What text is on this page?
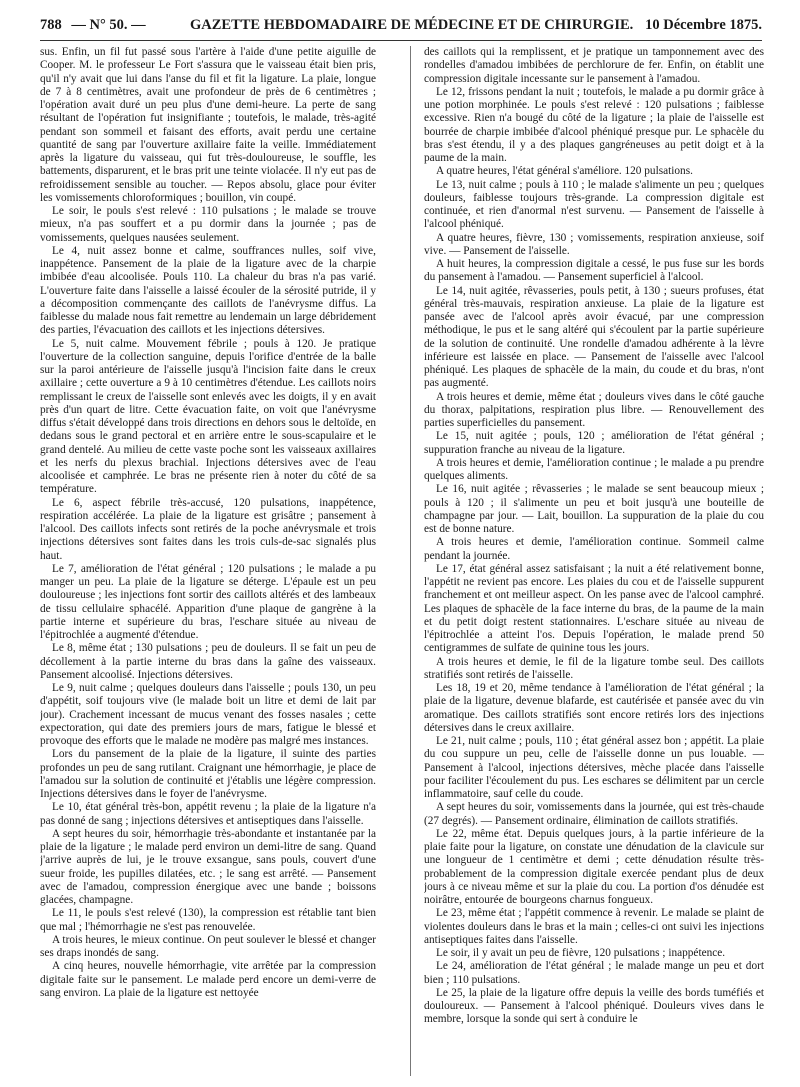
788 — N° 50. —	GAZETTE HEBDOMADAIRE DE MÉDECINE ET DE CHIRURGIE. 10 Décembre 1875.

sus. Enfin, un fil fut passé sous l'artère à l'aide d'une petite aiguille de Cooper. M. le professeur Le Fort s'assura que le vaisseau était bien pris, qu'il n'y avait que lui dans l'anse du fil et fit la ligature. La plaie, longue de 7 à 8 centimètres, avait une profondeur de près de 6 centimètres ; l'opération avait duré un peu plus d'une demi-heure. La perte de sang résultant de l'opération fut insignifiante ; toutefois, le malade, très-agité pendant son sommeil et faisant des efforts, avait perdu une certaine quantité de sang par l'ouverture axillaire faite la veille. Immédiatement après la ligature du vaisseau, qui fut très-douloureuse, le souffle, les battements, disparurent, et le bras prit une teinte violacée. Il n'y eut pas de refroidissement sensible au toucher. — Repos absolu, glace pour éviter les vomissements chloroformiques ; bouillon, vin coupé.

Le soir, le pouls s'est relevé : 110 pulsations ; le malade se trouve mieux, n'a pas souffert et a pu dormir dans la journée ; pas de vomissements, quelques nausées seulement.

Le 4, nuit assez bonne et calme, souffrances nulles, soif vive, inappétence. Pansement de la plaie de la ligature avec de la charpie imbibée d'eau alcoolisée. Pouls 110. La chaleur du bras n'a pas varié. L'ouverture faite dans l'aisselle a laissé écouler de la sérosité putride, il y a décomposition commençante des caillots de l'anévrysme diffus. La faiblesse du malade nous fait remettre au lendemain un large débridement des parties, l'évacuation des caillots et les injections détersives.

Le 5, nuit calme. Mouvement fébrile ; pouls à 120. Je pratique l'ouverture de la collection sanguine, depuis l'orifice d'entrée de la balle sur la paroi antérieure de l'aisselle jusqu'à l'incision faite dans le creux axillaire ; cette ouverture a 9 à 10 centimètres d'étendue. Les caillots noirs remplissant le creux de l'aisselle sont enlevés avec les doigts, il y en avait près d'un quart de litre. Cette évacuation faite, on voit que l'anévrysme diffus s'était développé dans trois directions en dehors sous le deltoïde, en dedans sous le grand pectoral et en arrière entre le sous-scapulaire et le grand dentelé. Au milieu de cette vaste poche sont les vaisseaux axillaires et les nerfs du plexus brachial. Injections détersives avec de l'eau alcoolisée et camphrée. Le bras ne présente rien à noter du côté de sa température.

Le 6, aspect fébrile très-accusé, 120 pulsations, inappétence, respiration accélérée. La plaie de la ligature est grisâtre ; pansement à l'alcool. Des caillots infects sont retirés de la poche anévrysmale et trois injections détersives sont faites dans les trois culs-de-sac signalés plus haut.

Le 7, amélioration de l'état général ; 120 pulsations ; le malade a pu manger un peu. La plaie de la ligature se déterge. L'épaule est un peu douloureuse ; les injections font sortir des caillots altérés et des lambeaux de tissu cellulaire sphacélé. Apparition d'une plaque de gangrène à la partie interne et supérieure du bras, l'eschare située au niveau de l'épitrochlée a augmenté d'étendue.

Le 8, même état ; 130 pulsations ; peu de douleurs. Il se fait un peu de décollement à la partie interne du bras dans la gaîne des vaisseaux. Pansement alcoolisé. Injections détersives.

Le 9, nuit calme ; quelques douleurs dans l'aisselle ; pouls 130, un peu d'appétit, soif toujours vive (le malade boit un litre et demi de lait par jour). Crachement incessant de mucus venant des fosses nasales ; cette expectoration, qui date des premiers jours de mars, fatigue le blessé et provoque des efforts que le malade ne modère pas malgré mes instances.

Lors du pansement de la plaie de la ligature, il suinte des parties profondes un peu de sang rutilant. Craignant une hémorrhagie, je place de l'amadou sur la solution de continuité et j'établis une légère compression. Injections détersives dans le foyer de l'anévrysme.

Le 10, état général très-bon, appétit revenu ; la plaie de la ligature n'a pas donné de sang ; injections détersives et antiseptiques dans l'aisselle.

A sept heures du soir, hémorrhagie très-abondante et instantanée par la plaie de la ligature ; le malade perd environ un demi-litre de sang. Quand j'arrive auprès de lui, je le trouve exsangue, sans pouls, couvert d'une sueur froide, les pupilles dilatées, etc. ; le sang est arrêté. — Pansement avec de l'amadou, compression énergique avec une bande ; boissons glacées, champagne.

Le 11, le pouls s'est relevé (130), la compression est rétablie tant bien que mal ; l'hémorrhagie ne s'est pas renouvelée.

A trois heures, le mieux continue. On peut soulever le blessé et changer ses draps inondés de sang.

A cinq heures, nouvelle hémorrhagie, vite arrêtée par la compression digitale faite sur le pansement. Le malade perd encore un demi-verre de sang environ. La plaie de la ligature est nettoyée

des caillots qui la remplissent, et je pratique un tamponnement avec des rondelles d'amadou imbibées de perchlorure de fer. Enfin, on établit une compression digitale incessante sur le pansement à l'amadou.

Le 12, frissons pendant la nuit ; toutefois, le malade a pu dormir grâce à une potion morphinée. Le pouls s'est relevé : 120 pulsations ; faiblesse excessive. Rien n'a bougé du côté de la ligature ; la plaie de l'aisselle est bourrée de charpie imbibée d'alcool phéniqué presque pur. Le sphacèle du bras s'est étendu, il y a des plaques gangréneuses au petit doigt et à la paume de la main.

A quatre heures, l'état général s'améliore. 120 pulsations.

Le 13, nuit calme ; pouls à 110 ; le malade s'alimente un peu ; quelques douleurs, faiblesse toujours très-grande. La compression digitale est continuée, et rien d'anormal n'est survenu. — Pansement de l'aisselle à l'alcool phéniqué.

A quatre heures, fièvre, 130 ; vomissements, respiration anxieuse, soif vive. — Pansement de l'aisselle.

A huit heures, la compression digitale a cessé, le pus fuse sur les bords du pansement à l'amadou. — Pansement superficiel à l'alcool.

Le 14, nuit agitée, rêvasseries, pouls petit, à 130 ; sueurs profuses, état général très-mauvais, respiration anxieuse. La plaie de la ligature est pansée avec de l'alcool après avoir évacué, par une compression méthodique, le pus et le sang altéré qui s'écoulent par la partie supérieure de la solution de continuité. Une rondelle d'amadou adhérente à la lèvre inférieure est laissée en place. — Pansement de l'aisselle avec l'alcool phéniqué. Les plaques de sphacèle de la main, du coude et du bras, n'ont pas augmenté.

A trois heures et demie, même état ; douleurs vives dans le côté gauche du thorax, palpitations, respiration plus libre. — Renouvellement des parties superficielles du pansement.

Le 15, nuit agitée ; pouls, 120 ; amélioration de l'état général ; suppuration franche au niveau de la ligature.

A trois heures et demie, l'amélioration continue ; le malade a pu prendre quelques aliments.

Le 16, nuit agitée ; rêvasseries ; le malade se sent beaucoup mieux ; pouls à 120 ; il s'alimente un peu et boit jusqu'à une bouteille de champagne par jour. — Lait, bouillon. La suppuration de la plaie du cou est de bonne nature.

A trois heures et demie, l'amélioration continue. Sommeil calme pendant la journée.

Le 17, état général assez satisfaisant ; la nuit a été relativement bonne, l'appétit ne revient pas encore. Les plaies du cou et de l'aisselle suppurent franchement et ont meilleur aspect. On les panse avec de l'alcool camphré. Les plaques de sphacèle de la face interne du bras, de la paume de la main et du petit doigt restent stationnaires. L'eschare située au niveau de l'épitrochlée a atteint l'os. Depuis l'opération, le malade prend 50 centigrammes de sulfate de quinine tous les jours.

A trois heures et demie, le fil de la ligature tombe seul. Des caillots stratifiés sont retirés de l'aisselle.

Les 18, 19 et 20, même tendance à l'amélioration de l'état général ; la plaie de la ligature, devenue blafarde, est cautérisée et pansée avec du vin aromatique. Des caillots stratifiés sont encore retirés lors des injections détersives dans le creux axillaire.

Le 21, nuit calme ; pouls, 110 ; état général assez bon ; appétit. La plaie du cou suppure un peu, celle de l'aisselle donne un pus louable. — Pansement à l'alcool, injections détersives, mèche placée dans l'aisselle pour faciliter l'écoulement du pus. Les eschares se délimitent par un cercle inflammatoire, sauf celle du coude.

A sept heures du soir, vomissements dans la journée, qui est très-chaude (27 degrés). — Pansement ordinaire, élimination de caillots stratifiés.

Le 22, même état. Depuis quelques jours, à la partie inférieure de la plaie faite pour la ligature, on constate une dénudation de la clavicule sur une longueur de 1 centimètre et demi ; cette dénudation résulte très-probablement de la compression digitale exercée pendant plus de deux jours à ce niveau même et sur la plaie du cou. La portion d'os dénudée est noirâtre, entourée de bourgeons charnus fongueux.

Le 23, même état ; l'appétit commence à revenir. Le malade se plaint de violentes douleurs dans le bras et la main ; celles-ci ont suivi les injections antiseptiques faites dans l'aisselle.

Le soir, il y avait un peu de fièvre, 120 pulsations ; inappétence.

Le 24, amélioration de l'état général ; le malade mange un peu et dort bien ; 110 pulsations.

Le 25, la plaie de la ligature offre depuis la veille des bords tuméfiés et douloureux. — Pansement à l'alcool phéniqué. Douleurs vives dans le membre, lorsque la sonde qui sert à conduire le
